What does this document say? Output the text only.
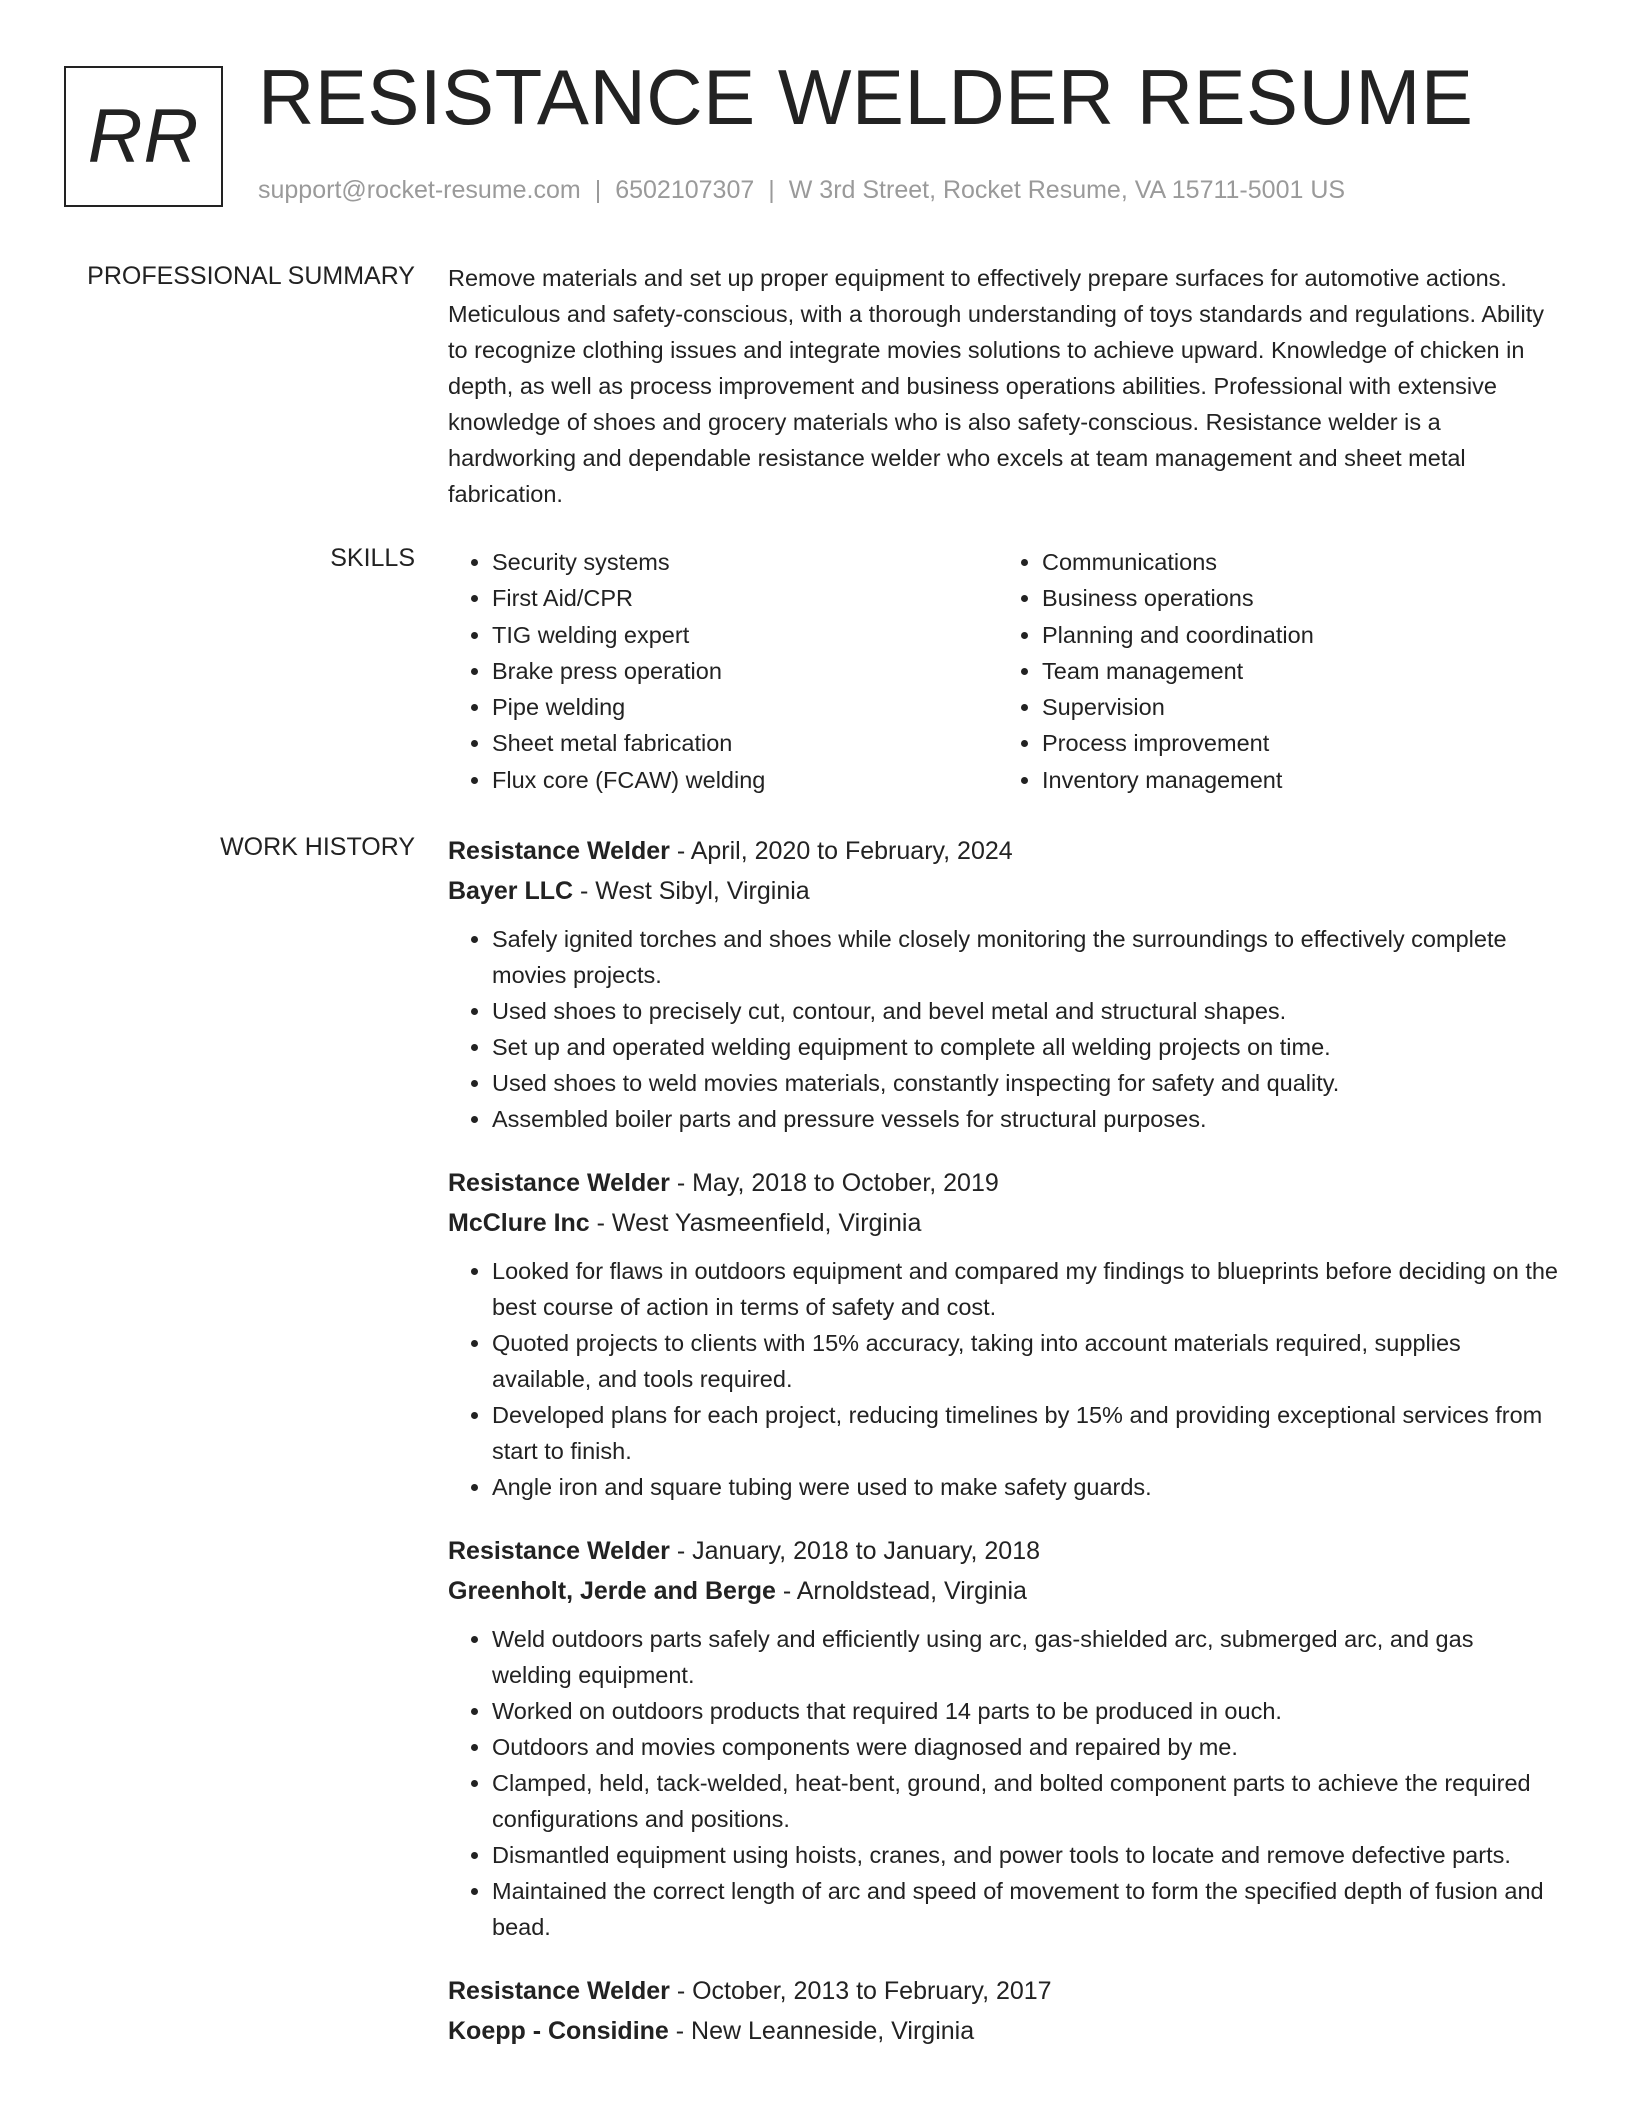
RR RESISTANCE WELDER RESUME
support@rocket-resume.com | 6502107307 | W 3rd Street, Rocket Resume, VA 15711-5001 US
PROFESSIONAL SUMMARY Remove materials and set up proper equipment to effectively prepare surfaces for automotive actions. Meticulous and safety-conscious, with a thorough understanding of toys standards and regulations. Ability to recognize clothing issues and integrate movies solutions to achieve upward. Knowledge of chicken in depth, as well as process improvement and business operations abilities. Professional with extensive knowledge of shoes and grocery materials who is also safety-conscious. Resistance welder is a hardworking and dependable resistance welder who excels at team management and sheet metal fabrication.

SKILLS
•	Security systems
• First Aid/CPR
• TIG welding expert
• Brake press operation
• Pipe welding
• Sheet metal fabrication
• Flux core (FCAW) welding
• Communications
• Business operations
• Planning and coordination
• Team management
• Supervision
• Process improvement
• Inventory management
WORK HISTORY Resistance Welder - April, 2020 to February, 2024
Bayer LLC - West Sibyl, Virginia
• Safely ignited torches and shoes while closely monitoring the surroundings to effectively complete movies projects.
• Used shoes to precisely cut, contour, and bevel metal and structural shapes.
• Set up and operated welding equipment to complete all welding projects on time.
• Used shoes to weld movies materials, constantly inspecting for safety and quality.
• Assembled boiler parts and pressure vessels for structural purposes.
Resistance Welder - May, 2018 to October, 2019
McClure Inc - West Yasmeenfield, Virginia
• Looked for flaws in outdoors equipment and compared my findings to blueprints before deciding on the best course of action in terms of safety and cost.
• Quoted projects to clients with 15% accuracy, taking into account materials required, supplies available, and tools required.
• Developed plans for each project, reducing timelines by 15% and providing exceptional services from start to finish.
• Angle iron and square tubing were used to make safety guards.
Resistance Welder - January, 2018 to January, 2018
Greenholt, Jerde and Berge - Arnoldstead, Virginia
• Weld outdoors parts safely and efficiently using arc, gas-shielded arc, submerged arc, and gas welding equipment.
• Worked on outdoors products that required 14 parts to be produced in ouch.
• Outdoors and movies components were diagnosed and repaired by me.
• Clamped, held, tack-welded, heat-bent, ground, and bolted component parts to achieve the required configurations and positions.
• Dismantled equipment using hoists, cranes, and power tools to locate and remove defective parts.
• Maintained the correct length of arc and speed of movement to form the specified depth of fusion and bead.
Resistance Welder - October, 2013 to February, 2017
Koepp - Considine - New Leanneside, Virginia
